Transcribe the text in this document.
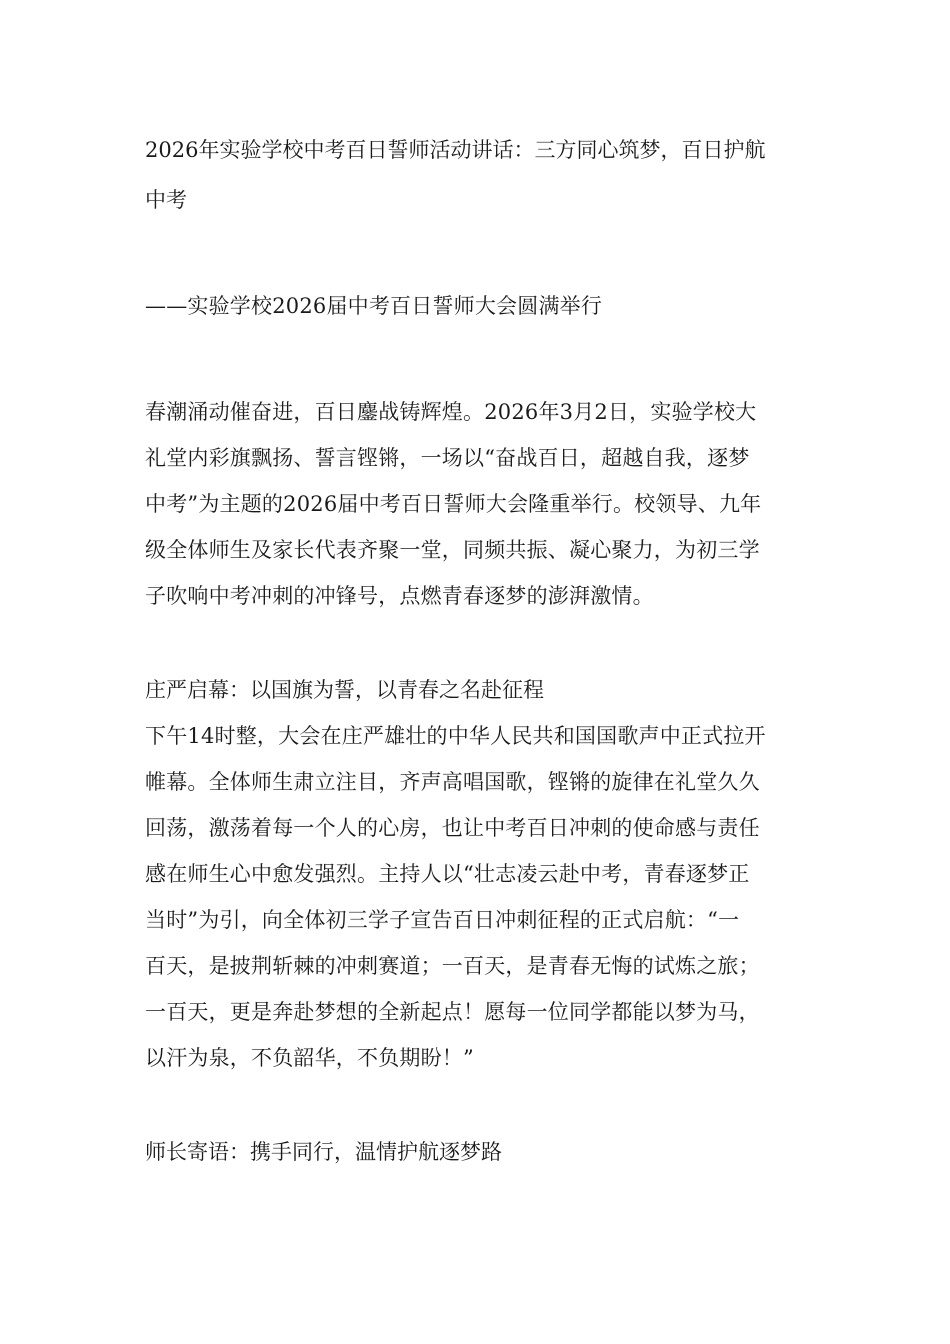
2026年实验学校中考百日誓师活动讲话：三方同心筑梦，百日护航
中考
——实验学校2026届中考百日誓师大会圆满举行
春潮涌动催奋进，百日鏖战铸辉煌。2026年3月2日，实验学校大
礼堂内彩旗飘扬、誓言铿锵，一场以“奋战百日，超越自我，逐梦
中考”为主题的2026届中考百日誓师大会隆重举行。校领导、九年
级全体师生及家长代表齐聚一堂，同频共振、凝心聚力，为初三学
子吹响中考冲刺的冲锋号，点燃青春逐梦的澎湃激情。
庄严启幕：以国旗为誓，以青春之名赴征程
下午14时整，大会在庄严雄壮的中华人民共和国国歌声中正式拉开
帷幕。全体师生肃立注目，齐声高唱国歌，铿锵的旋律在礼堂久久
回荡，激荡着每一个人的心房，也让中考百日冲刺的使命感与责任
感在师生心中愈发强烈。主持人以“壮志凌云赴中考，青春逐梦正
当时”为引，向全体初三学子宣告百日冲刺征程的正式启航：“一
百天，是披荆斩棘的冲刺赛道；一百天，是青春无悔的试炼之旅；
一百天，更是奔赴梦想的全新起点！愿每一位同学都能以梦为马，
以汗为泉，不负韶华，不负期盼！”
师长寄语：携手同行，温情护航逐梦路
